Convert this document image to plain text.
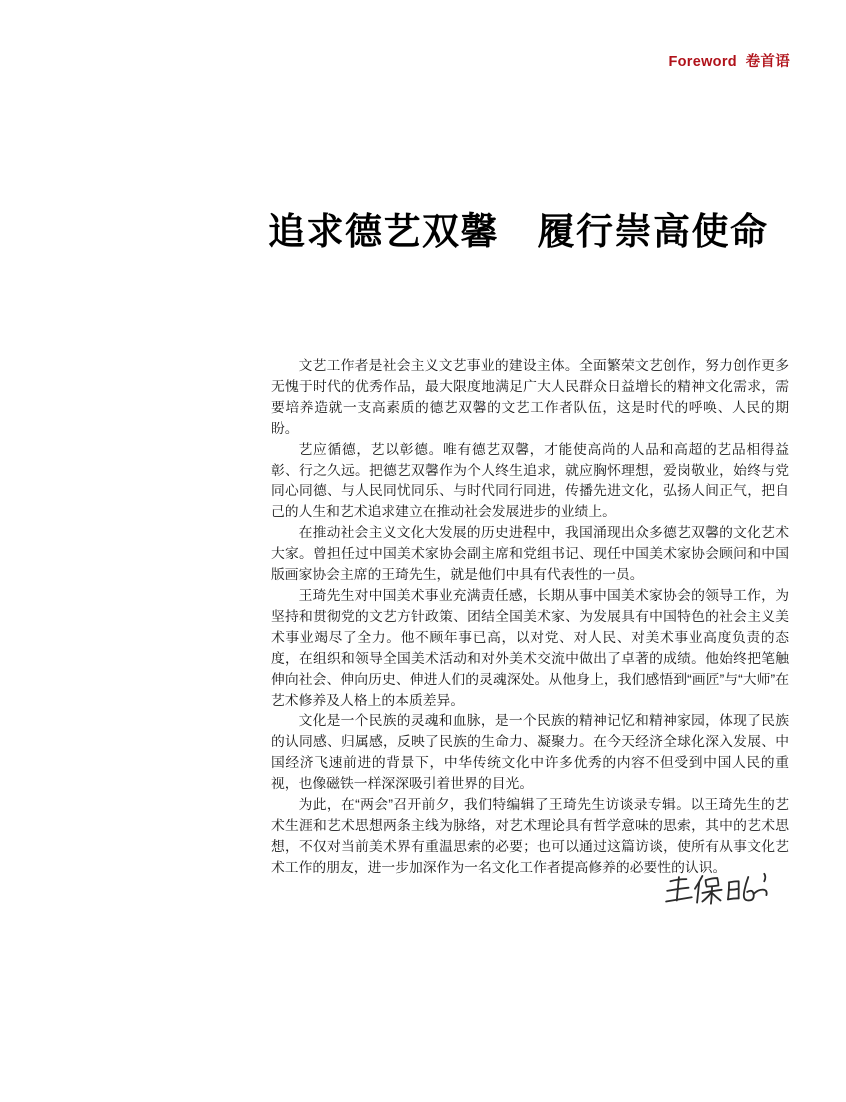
Foreword  卷首语
追求德艺双馨　履行崇高使命

文艺工作者是社会主义文艺事业的建设主体。全面繁荣文艺创作，努力创作更多无愧于时代的优秀作品，最大限度地满足广大人民群众日益增长的精神文化需求，需要培养造就一支高素质的德艺双馨的文艺工作者队伍，这是时代的呼唤、人民的期盼。

艺应循德，艺以彰德。唯有德艺双馨，才能使高尚的人品和高超的艺品相得益彰、行之久远。把德艺双馨作为个人终生追求，就应胸怀理想，爱岗敬业，始终与党同心同德、与人民同忧同乐、与时代同行同进，传播先进文化，弘扬人间正气，把自己的人生和艺术追求建立在推动社会发展进步的业绩上。

在推动社会主义文化大发展的历史进程中，我国涌现出众多德艺双馨的文化艺术大家。曾担任过中国美术家协会副主席和党组书记、现任中国美术家协会顾问和中国版画家协会主席的王琦先生，就是他们中具有代表性的一员。

王琦先生对中国美术事业充满责任感，长期从事中国美术家协会的领导工作，为坚持和贯彻党的文艺方针政策、团结全国美术家、为发展具有中国特色的社会主义美术事业竭尽了全力。他不顾年事已高，以对党、对人民、对美术事业高度负责的态度，在组织和领导全国美术活动和对外美术交流中做出了卓著的成绩。他始终把笔触伸向社会、伸向历史、伸进人们的灵魂深处。从他身上，我们感悟到“画匠”与“大师”在艺术修养及人格上的本质差异。

文化是一个民族的灵魂和血脉，是一个民族的精神记忆和精神家园，体现了民族的认同感、归属感，反映了民族的生命力、凝聚力。在今天经济全球化深入发展、中国经济飞速前进的背景下，中华传统文化中许多优秀的内容不但受到中国人民的重视，也像磁铁一样深深吸引着世界的目光。

为此，在“两会”召开前夕，我们特编辑了王琦先生访谈录专辑。以王琦先生的艺术生涯和艺术思想两条主线为脉络，对艺术理论具有哲学意味的思索，其中的艺术思想，不仅对当前美术界有重温思索的必要；也可以通过这篇访谈，使所有从事文化艺术工作的朋友，进一步加深作为一名文化工作者提高修养的必要性的认识。
